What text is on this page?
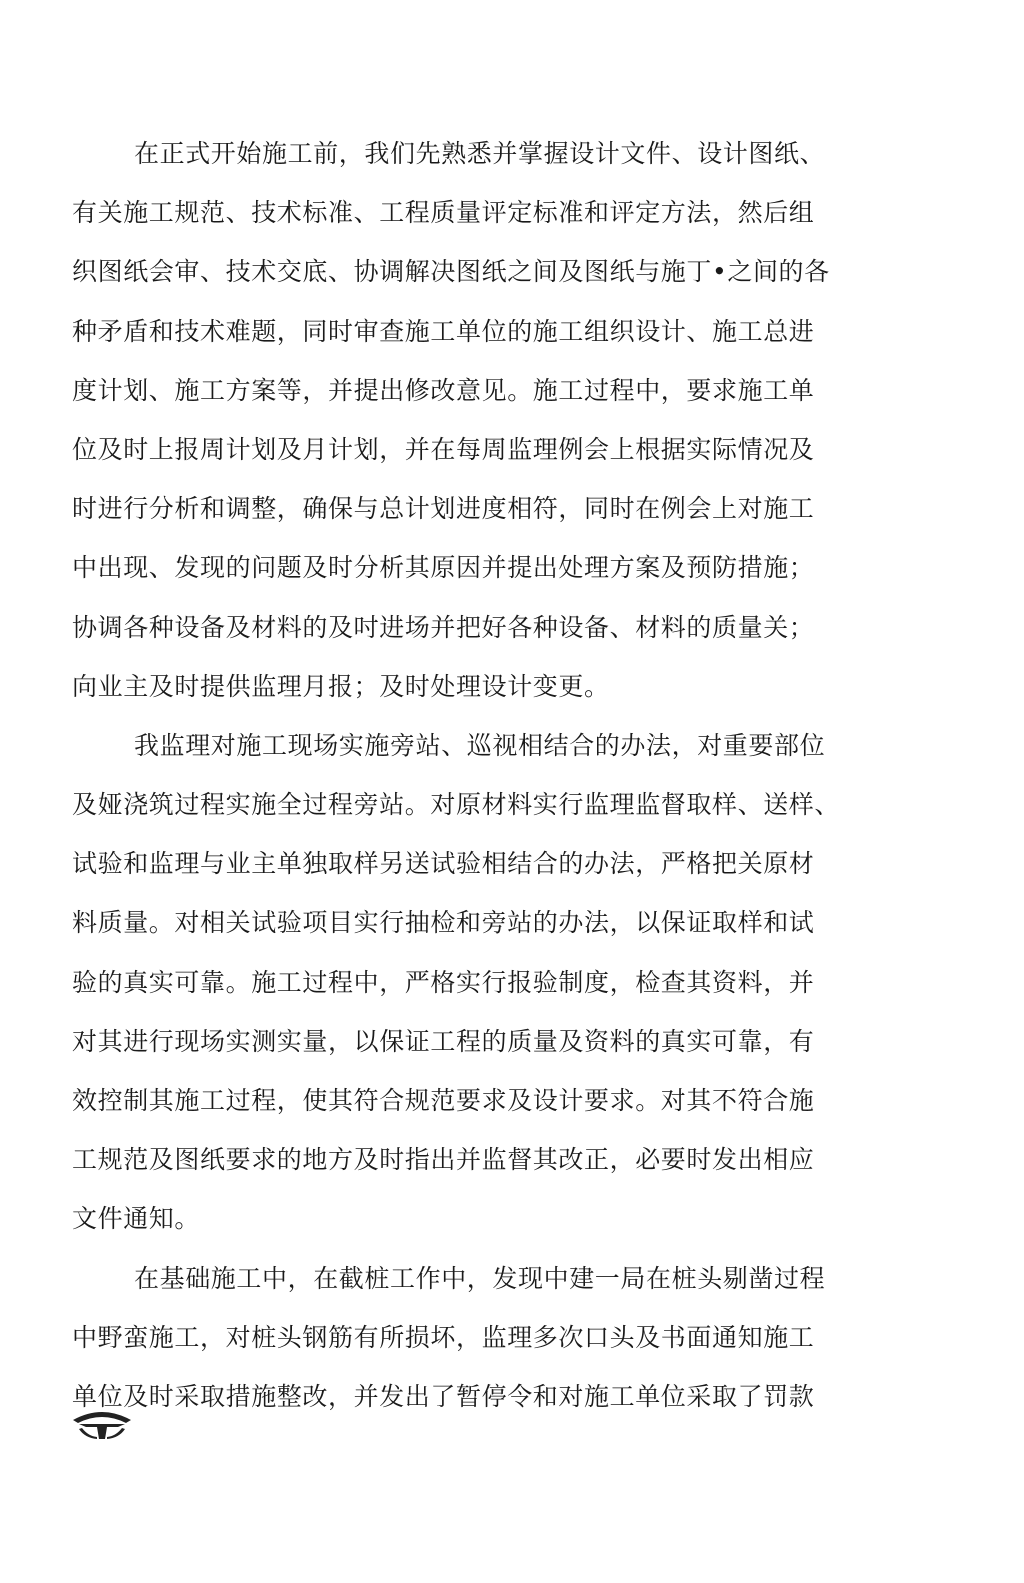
在正式开始施工前，我们先熟悉并掌握设计文件、设计图纸、
有关施工规范、技术标准、工程质量评定标准和评定方法，然后组
织图纸会审、技术交底、协调解决图纸之间及图纸与施丁•之间的各
种矛盾和技术难题，同时审查施工单位的施工组织设计、施工总进
度计划、施工方案等，并提出修改意见。施工过程中，要求施工单
位及时上报周计划及月计划，并在每周监理例会上根据实际情况及
时进行分析和调整，确保与总计划进度相符，同时在例会上对施工
中出现、发现的问题及时分析其原因并提出处理方案及预防措施；
协调各种设备及材料的及吋进场并把好各种设备、材料的质量关；
向业主及时提供监理月报；及时处理设计变更。
我监理对施工现场实施旁站、巡视相结合的办法，对重要部位
及娅浇筑过程实施全过程旁站。对原材料实行监理监督取样、送样、
试验和监理与业主单独取样另送试验相结合的办法，严格把关原材
料质量。对相关试验项目实行抽检和旁站的办法，以保证取样和试
验的真实可靠。施工过程中，严格实行报验制度，检查其资料，并
对其进行现场实测实量，以保证工程的质量及资料的真实可靠，有
效控制其施工过程，使其符合规范要求及设计要求。对其不符合施
工规范及图纸要求的地方及时指出并监督其改正，必要时发出相应
文件通知。
在基础施工中，在截桩工作中，发现中建一局在桩头剔凿过程
中野蛮施工，对桩头钢筋有所损坏，监理多次口头及书面通知施工
单位及时采取措施整改，并发出了暂停令和对施工单位采取了罚款
